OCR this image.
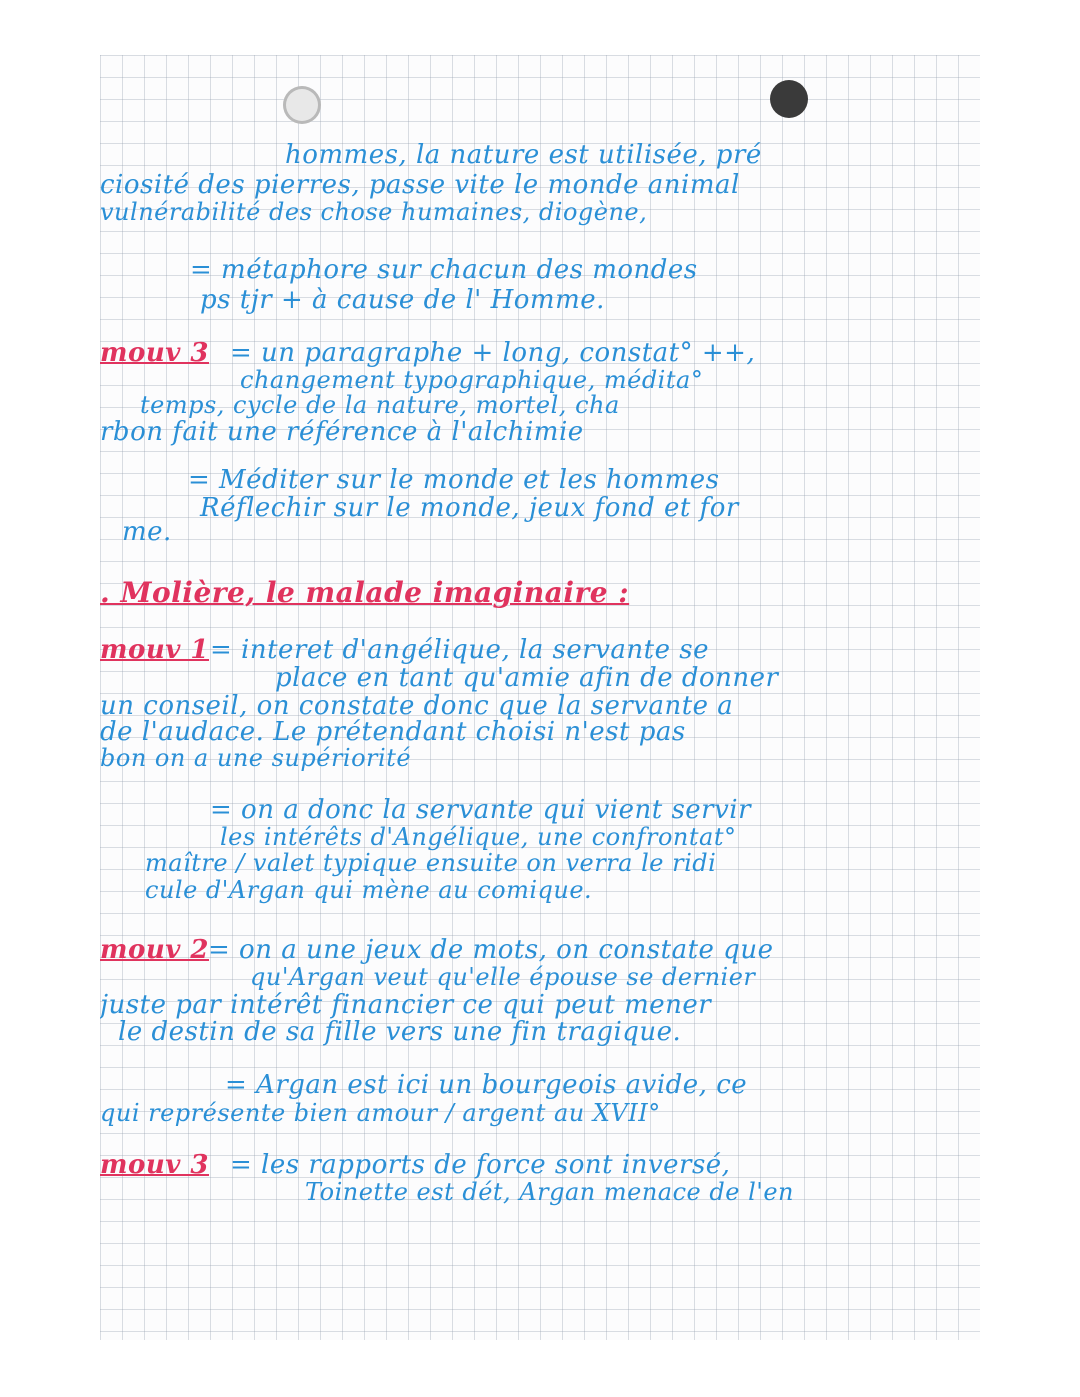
hommes, la nature est utilisée, pré
ciosité des pierres, passe vite le monde animal
vulnérabilité des chose humaines, diogène,
= métaphore sur chacun des mondes
ps tjr + à cause de l' Homme.
mouv 3 = un paragraphe + long, constat° ++,
changement typographique, médita°
temps, cycle de la nature, mortel, cha
rbon fait une référence à l'alchimie
= Méditer sur le monde et les hommes
Réflechir sur le monde, jeux fond et for
me.
. Molière, le malade imaginaire :
mouv 1 = interet d'angélique, la servante se
place en tant qu'amie afin de donner
un conseil, on constate donc que la servante a
de l'audace. Le prétendant choisi n'est pas
bon on a une supériorité
= on a donc la servante qui vient servir
les intérêts d'Angélique, une confrontat°
maître / valet typique ensuite on verra le ridi
cule d'Argan qui mène au comique.
mouv 2
= on a une jeux de mots, on constate que
qu'Argan veut qu'elle épouse se dernier
juste par intérêt financier ce qui peut mener
le destin de sa fille vers une fin tragique.
= Argan est ici un bourgeois avide, ce
qui représente bien amour / argent au XVII°
mouv 3 = les rapports de force sont inversé,
Toinette est dét, Argan menace de l'en
